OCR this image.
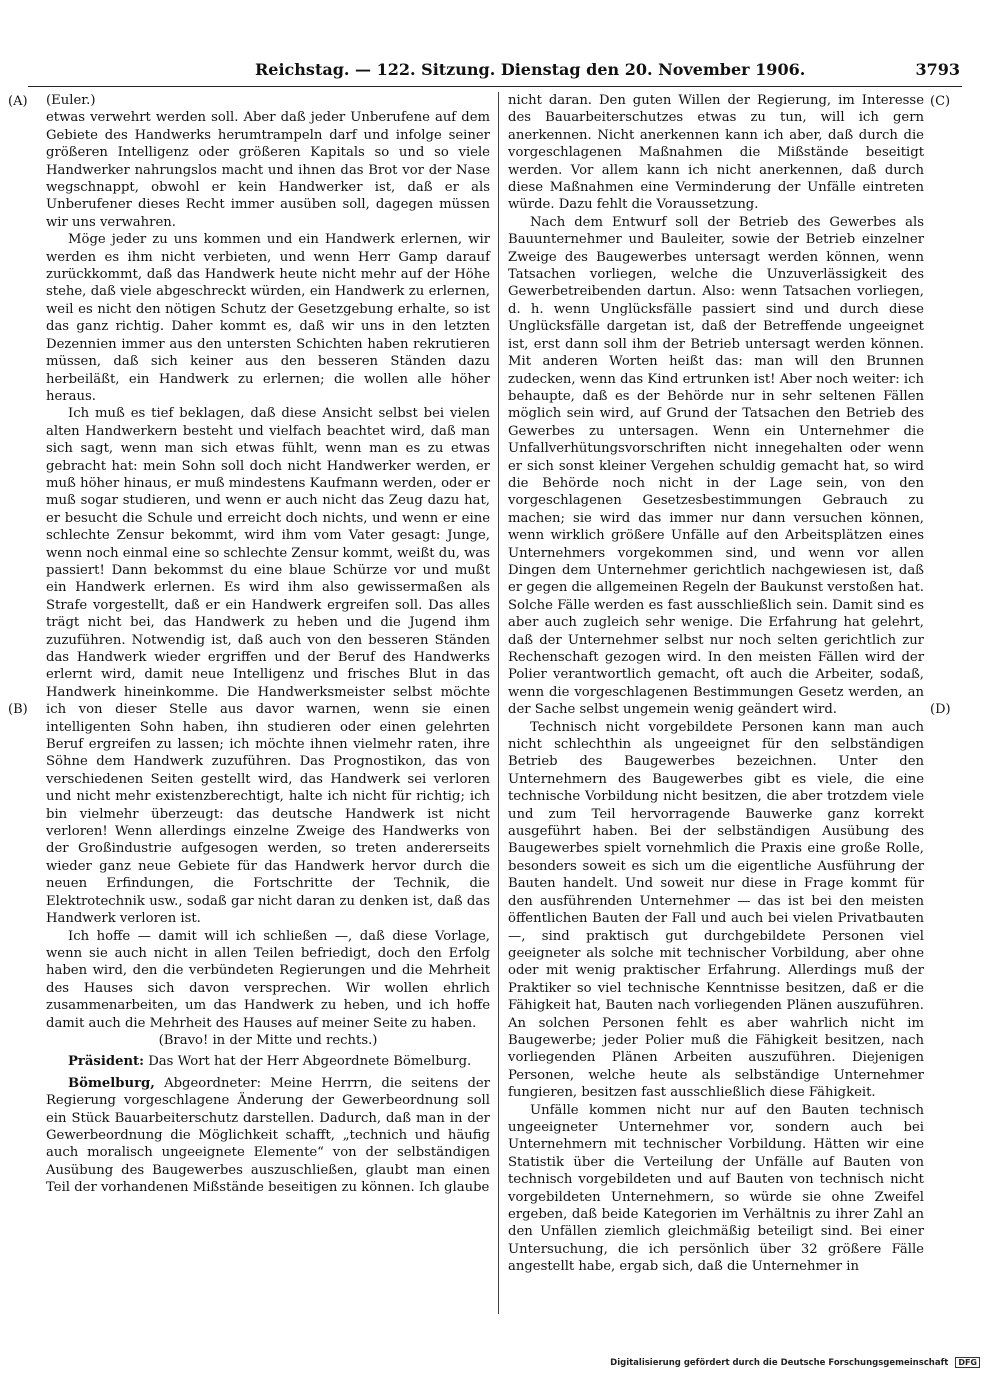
Reichstag. — 122. Sitzung. Dienstag den 20. November 1906.	3793
(A)
(B)
(C)
(D)

(Euler.)

etwas verwehrt werden soll. Aber daß jeder Unberufene auf dem Gebiete des Handwerks herumtrampeln darf und infolge seiner größeren Intelligenz oder größeren Kapitals so und so viele Handwerker nahrungslos macht und ihnen das Brot vor der Nase wegschnappt, obwohl er kein Handwerker ist, daß er als Unberufener dieses Recht immer ausüben soll, dagegen müssen wir uns verwahren.

Möge jeder zu uns kommen und ein Handwerk erlernen, wir werden es ihm nicht verbieten, und wenn Herr Gamp darauf zurückkommt, daß das Handwerk heute nicht mehr auf der Höhe stehe, daß viele abgeschreckt würden, ein Handwerk zu erlernen, weil es nicht den nötigen Schutz der Gesetzgebung erhalte, so ist das ganz richtig. Daher kommt es, daß wir uns in den letzten Dezennien immer aus den untersten Schichten haben rekrutieren müssen, daß sich keiner aus den besseren Ständen dazu herbeiläßt, ein Handwerk zu erlernen; die wollen alle höher heraus.

Ich muß es tief beklagen, daß diese Ansicht selbst bei vielen alten Handwerkern besteht und vielfach beachtet wird, daß man sich sagt, wenn man sich etwas fühlt, wenn man es zu etwas gebracht hat: mein Sohn soll doch nicht Handwerker werden, er muß höher hinaus, er muß mindestens Kaufmann werden, oder er muß sogar studieren, und wenn er auch nicht das Zeug dazu hat, er besucht die Schule und erreicht doch nichts, und wenn er eine schlechte Zensur bekommt, wird ihm vom Vater gesagt: Junge, wenn noch einmal eine so schlechte Zensur kommt, weißt du, was passiert! Dann bekommst du eine blaue Schürze vor und mußt ein Handwerk erlernen. Es wird ihm also gewissermaßen als Strafe vorgestellt, daß er ein Handwerk ergreifen soll. Das alles trägt nicht bei, das Handwerk zu heben und die Jugend ihm zuzuführen. Notwendig ist, daß auch von den besseren Ständen das Handwerk wieder ergriffen und der Beruf des Handwerks erlernt wird, damit neue Intelligenz und frisches Blut in das Handwerk hineinkomme. Die Handwerksmeister selbst möchte ich von dieser Stelle aus davor warnen, wenn sie einen intelligenten Sohn haben, ihn studieren oder einen gelehrten Beruf ergreifen zu lassen; ich möchte ihnen vielmehr raten, ihre Söhne dem Handwerk zuzuführen. Das Prognostikon, das von verschiedenen Seiten gestellt wird, das Handwerk sei verloren und nicht mehr existenzberechtigt, halte ich nicht für richtig; ich bin vielmehr überzeugt: das deutsche Handwerk ist nicht verloren! Wenn allerdings einzelne Zweige des Handwerks von der Großindustrie aufgesogen werden, so treten andererseits wieder ganz neue Gebiete für das Handwerk hervor durch die neuen Erfindungen, die Fortschritte der Technik, die Elektrotechnik usw., sodaß gar nicht daran zu denken ist, daß das Handwerk verloren ist.

Ich hoffe — damit will ich schließen —, daß diese Vorlage, wenn sie auch nicht in allen Teilen befriedigt, doch den Erfolg haben wird, den die verbündeten Regierungen und die Mehrheit des Hauses sich davon versprechen. Wir wollen ehrlich zusammenarbeiten, um das Handwerk zu heben, und ich hoffe damit auch die Mehrheit des Hauses auf meiner Seite zu haben.

(Bravo! in der Mitte und rechts.)

Präsident: Das Wort hat der Herr Abgeordnete Bömelburg.

Bömelburg, Abgeordneter: Meine Herrrn, die seitens der Regierung vorgeschlagene Änderung der Gewerbeordnung soll ein Stück Bauarbeiterschutz darstellen. Dadurch, daß man in der Gewerbeordnung die Möglichkeit schafft, „technich und häufig auch moralisch ungeeignete Elemente“ von der selbständigen Ausübung des Baugewerbes auszuschließen, glaubt man einen Teil der vorhandenen Mißstände beseitigen zu können. Ich glaube

nicht daran. Den guten Willen der Regierung, im Interesse des Bauarbeiterschutzes etwas zu tun, will ich gern anerkennen. Nicht anerkennen kann ich aber, daß durch die vorgeschlagenen Maßnahmen die Mißstände beseitigt werden. Vor allem kann ich nicht anerkennen, daß durch diese Maßnahmen eine Verminderung der Unfälle eintreten würde. Dazu fehlt die Voraussetzung.

Nach dem Entwurf soll der Betrieb des Gewerbes als Bauunternehmer und Bauleiter, sowie der Betrieb einzelner Zweige des Baugewerbes untersagt werden können, wenn Tatsachen vorliegen, welche die Unzuverlässigkeit des Gewerbetreibenden dartun. Also: wenn Tatsachen vorliegen, d. h. wenn Unglücksfälle passiert sind und durch diese Unglücksfälle dargetan ist, daß der Betreffende ungeeignet ist, erst dann soll ihm der Betrieb untersagt werden können. Mit anderen Worten heißt das: man will den Brunnen zudecken, wenn das Kind ertrunken ist! Aber noch weiter: ich behaupte, daß es der Behörde nur in sehr seltenen Fällen möglich sein wird, auf Grund der Tatsachen den Betrieb des Gewerbes zu untersagen. Wenn ein Unternehmer die Unfallverhütungsvorschriften nicht innegehalten oder wenn er sich sonst kleiner Vergehen schuldig gemacht hat, so wird die Behörde noch nicht in der Lage sein, von den vorgeschlagenen Gesetzesbestimmungen Gebrauch zu machen; sie wird das immer nur dann versuchen können, wenn wirklich größere Unfälle auf den Arbeitsplätzen eines Unternehmers vorgekommen sind, und wenn vor allen Dingen dem Unternehmer gerichtlich nachgewiesen ist, daß er gegen die allgemeinen Regeln der Baukunst verstoßen hat. Solche Fälle werden es fast ausschließlich sein. Damit sind es aber auch zugleich sehr wenige. Die Erfahrung hat gelehrt, daß der Unternehmer selbst nur noch selten gerichtlich zur Rechenschaft gezogen wird. In den meisten Fällen wird der Polier verantwortlich gemacht, oft auch die Arbeiter, sodaß, wenn die vorgeschlagenen Bestimmungen Gesetz werden, an der Sache selbst ungemein wenig geändert wird.

Technisch nicht vorgebildete Personen kann man auch nicht schlechthin als ungeeignet für den selbständigen Betrieb des Baugewerbes bezeichnen. Unter den Unternehmern des Baugewerbes gibt es viele, die eine technische Vorbildung nicht besitzen, die aber trotzdem viele und zum Teil hervorragende Bauwerke ganz korrekt ausgeführt haben. Bei der selbständigen Ausübung des Baugewerbes spielt vornehmlich die Praxis eine große Rolle, besonders soweit es sich um die eigentliche Ausführung der Bauten handelt. Und soweit nur diese in Frage kommt für den ausführenden Unternehmer — das ist bei den meisten öffentlichen Bauten der Fall und auch bei vielen Privatbauten —, sind praktisch gut durchgebildete Personen viel geeigneter als solche mit technischer Vorbildung, aber ohne oder mit wenig praktischer Erfahrung. Allerdings muß der Praktiker so viel technische Kenntnisse besitzen, daß er die Fähigkeit hat, Bauten nach vorliegenden Plänen auszuführen. An solchen Personen fehlt es aber wahrlich nicht im Baugewerbe; jeder Polier muß die Fähigkeit besitzen, nach vorliegenden Plänen Arbeiten auszuführen. Diejenigen Personen, welche heute als selbständige Unternehmer fungieren, besitzen fast ausschließlich diese Fähigkeit.

Unfälle kommen nicht nur auf den Bauten technisch ungeeigneter Unternehmer vor, sondern auch bei Unternehmern mit technischer Vorbildung. Hätten wir eine Statistik über die Verteilung der Unfälle auf Bauten von technisch vorgebildeten und auf Bauten von technisch nicht vorgebildeten Unternehmern, so würde sie ohne Zweifel ergeben, daß beide Kategorien im Verhältnis zu ihrer Zahl an den Unfällen ziemlich gleichmäßig beteiligt sind. Bei einer Untersuchung, die ich persönlich über 32 größere Fälle angestellt habe, ergab sich, daß die Unternehmer in

Digitalisierung gefördert durch die Deutsche Forschungsgemeinschaft DFG
